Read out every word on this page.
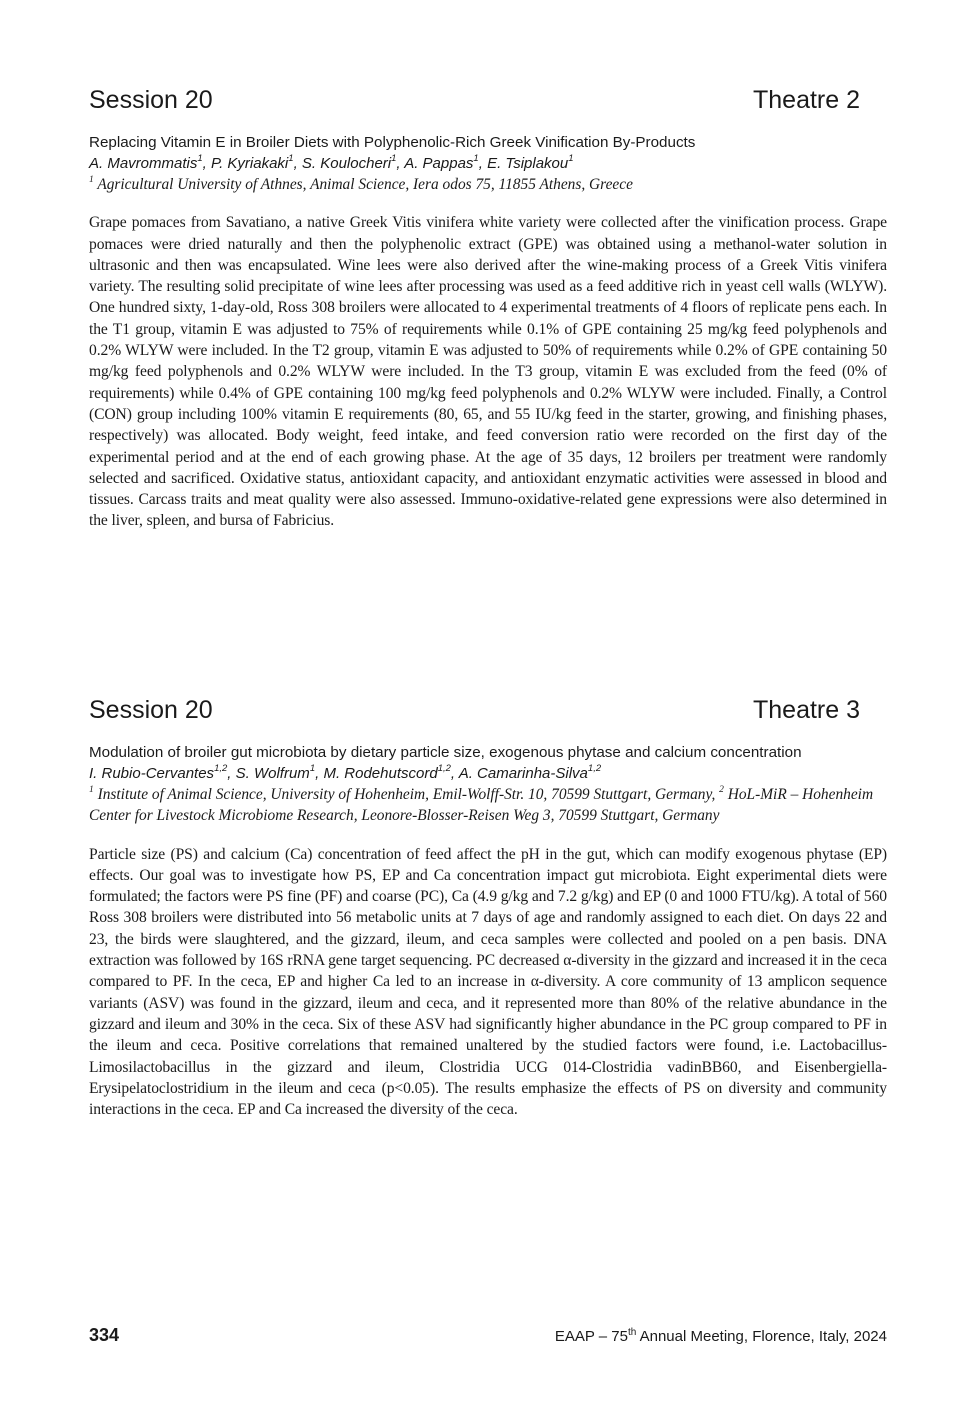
Session 20	Theatre 2
Replacing Vitamin E in Broiler Diets with Polyphenolic-Rich Greek Vinification By-Products
A. Mavrommatis$^1$, P. Kyriakaki$^1$, S. Koulocheri$^1$, A. Pappas$^1$, E. Tsiplakou$^1$
$^1$ Agricultural University of Athnes, Animal Science, Iera odos 75, 11855 Athens, Greece
Grape pomaces from Savatiano, a native Greek Vitis vinifera white variety were collected after the vinification process. Grape pomaces were dried naturally and then the polyphenolic extract (GPE) was obtained using a methanol-water solution in ultrasonic and then was encapsulated. Wine lees were also derived after the wine-making process of a Greek Vitis vinifera variety. The resulting solid precipitate of wine lees after processing was used as a feed additive rich in yeast cell walls (WLYW). One hundred sixty, 1-day-old, Ross 308 broilers were allocated to 4 experimental treatments of 4 floors of replicate pens each. In the T1 group, vitamin E was adjusted to 75% of requirements while 0.1% of GPE containing 25 mg/kg feed polyphenols and 0.2% WLYW were included. In the T2 group, vitamin E was adjusted to 50% of requirements while 0.2% of GPE containing 50 mg/kg feed polyphenols and 0.2% WLYW were included. In the T3 group, vitamin E was excluded from the feed (0% of requirements) while 0.4% of GPE containing 100 mg/kg feed polyphenols and 0.2% WLYW were included. Finally, a Control (CON) group including 100% vitamin E requirements (80, 65, and 55 IU/kg feed in the starter, growing, and finishing phases, respectively) was allocated. Body weight, feed intake, and feed conversion ratio were recorded on the first day of the experimental period and at the end of each growing phase. At the age of 35 days, 12 broilers per treatment were randomly selected and sacrificed. Oxidative status, antioxidant capacity, and antioxidant enzymatic activities were assessed in blood and tissues. Carcass traits and meat quality were also assessed. Immuno-oxidative-related gene expressions were also determined in the liver, spleen, and bursa of Fabricius.
Session 20	Theatre 3
Modulation of broiler gut microbiota by dietary particle size, exogenous phytase and calcium concentration
I. Rubio-Cervantes$^{1,2}$, S. Wolfrum$^1$, M. Rodehutscord$^{1,2}$, A. Camarinha-Silva$^{1,2}$
$^1$ Institute of Animal Science, University of Hohenheim, Emil-Wolff-Str. 10, 70599 Stuttgart, Germany, $^2$ HoL-MiR – Hohenheim Center for Livestock Microbiome Research, Leonore-Blosser-Reisen Weg 3, 70599 Stuttgart, Germany
Particle size (PS) and calcium (Ca) concentration of feed affect the pH in the gut, which can modify exogenous phytase (EP) effects. Our goal was to investigate how PS, EP and Ca concentration impact gut microbiota. Eight experimental diets were formulated; the factors were PS fine (PF) and coarse (PC), Ca (4.9 g/kg and 7.2 g/kg) and EP (0 and 1000 FTU/kg). A total of 560 Ross 308 broilers were distributed into 56 metabolic units at 7 days of age and randomly assigned to each diet. On days 22 and 23, the birds were slaughtered, and the gizzard, ileum, and ceca samples were collected and pooled on a pen basis. DNA extraction was followed by 16S rRNA gene target sequencing. PC decreased α-diversity in the gizzard and increased it in the ceca compared to PF. In the ceca, EP and higher Ca led to an increase in α-diversity. A core community of 13 amplicon sequence variants (ASV) was found in the gizzard, ileum and ceca, and it represented more than 80% of the relative abundance in the gizzard and ileum and 30% in the ceca. Six of these ASV had significantly higher abundance in the PC group compared to PF in the ileum and ceca. Positive correlations that remained unaltered by the studied factors were found, i.e. Lactobacillus-Limosilactobacillus in the gizzard and ileum, Clostridia UCG 014-Clostridia vadinBB60, and Eisenbergiella-Erysipelatoclostridium in the ileum and ceca (p<0.05). The results emphasize the effects of PS on diversity and community interactions in the ceca. EP and Ca increased the diversity of the ceca.
334	EAAP – 75th Annual Meeting, Florence, Italy, 2024
